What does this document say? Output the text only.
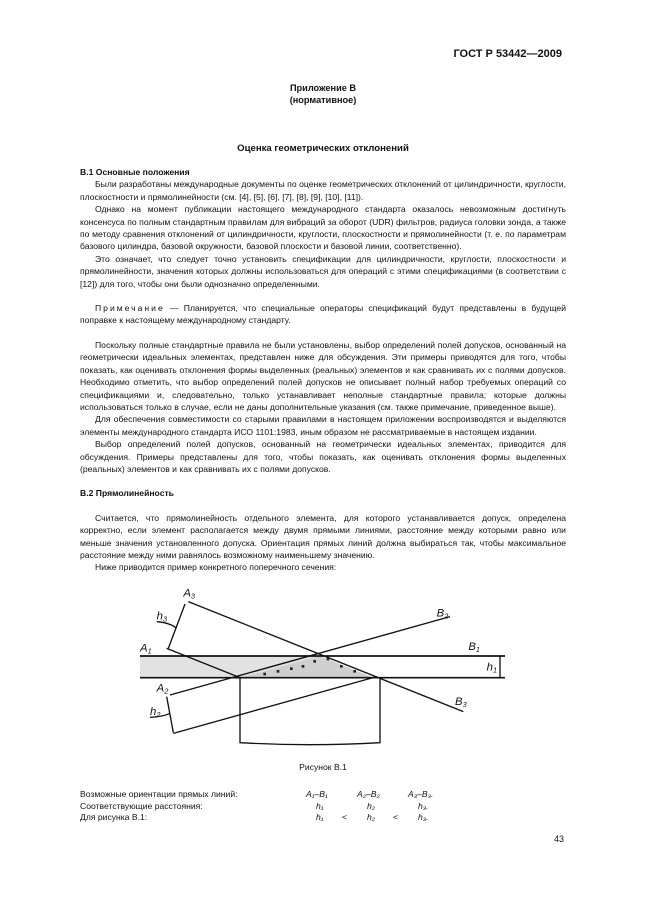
ГОСТ Р 53442—2009
Приложение В
(нормативное)
Оценка геометрических отклонений

В.1 Основные положения

Были разработаны международные документы по оценке геометрических отклонений от цилиндричности, круглости, плоскостности и прямолинейности (см. [4], [5], [6], [7], [8], [9], [10], [11]).

Однако на момент публикации настоящего международного стандарта оказалось невозможным достигнуть консенсуса по полным стандартным правилам для вибраций за оборот (UDR) фильтров, радиуса головки зонда, а также по методу сравнения отклонений от цилиндричности, круглости, плоскостности и прямолинейности (т. е. по параметрам базового цилиндра, базовой окружности, базовой плоскости и базовой линии, соответственно).

Это означает, что следует точно установить спецификации для цилиндричности, круглости, плоскостности и прямолинейности, значения которых должны использоваться для операций с этими спецификациями (в соответствии с [12]) для того, чтобы они были однозначно определенными.

Примечание — Планируется, что специальные операторы спецификаций будут представлены в будущей поправке к настоящему международному стандарту.

Поскольку полные стандартные правила не были установлены, выбор определений полей допусков, основанный на геометрически идеальных элементах, представлен ниже для обсуждения. Эти примеры приводятся для того, чтобы показать, как оценивать отклонения формы выделенных (реальных) элементов и как сравнивать их с полями допусков. Необходимо отметить, что выбор определений полей допусков не описывает полный набор требуемых операций со спецификациями и, следовательно, только устанавливает неполные стандартные правила; которые должны использоваться только в случае, если не даны дополнительные указания (см. также примечание, приведенное выше).

Для обеспечения совместимости со старыми правилами в настоящем приложении воспроизводятся и выделяются элементы международного стандарта ИСО 1101:1983, иным образом не рассматриваемые в настоящем издании.

Выбор определений полей допусков, основанный на геометрически идеальных элементах, приводится для обсуждения. Примеры представлены для того, чтобы показать, как оценивать отклонения формы выделенных (реальных) элементов и как сравнивать их с полями допусков.

В.2 Прямолинейность

Считается, что прямолинейность отдельного элемента, для которого устанавливается допуск, определена корректно, если элемент располагается между двумя прямыми линиями, расстояние между которыми равно или меньше значения установленного допуска. Ориентация прямых линий должна выбираться так, чтобы максимальное расстояние между ними равнялось возможному наименьшему значению.

Ниже приводится пример конкретного поперечного сечения:

A3
A1
A2
B2
B1
B3
h3
h2
h1
Рисунок В.1
Возможные ориентации прямых линий:	A₁–B₁	A₂–B₂	A₃–B₃.
Соответствующие расстояния:	h₁	h₂	h₃.
Для рисунка В.1:	h₁ < h₂ < h₃.
43
